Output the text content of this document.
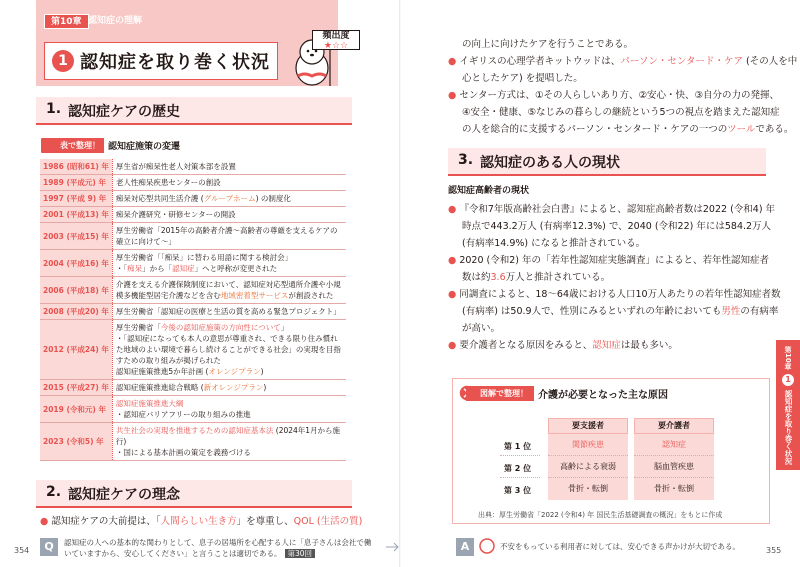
第10章 認知症の理解
1 認知症を取り巻く状況
頻出度
★☆☆
1. 認知症ケアの歴史
表で整理！ 認知症施策の変遷
1986 (昭和61) 年	厚生省が痴呆性老人対策本部を設置
1989 (平成元) 年	老人性痴呆疾患センターの創設
1997 (平成 9) 年	痴呆対応型共同生活介護 (グループホーム) の制度化
2001 (平成13) 年	痴呆介護研究・研修センターの開設
2003 (平成15) 年	厚生労働省「2015年の高齢者介護～高齢者の尊厳を支えるケアの確立に向けて～」
2004 (平成16) 年	厚生労働省「「痴呆」に替わる用語に関する検討会」
・「痴呆」から「認知症」へと呼称が変更された

2006 (平成18) 年	介護を支える介護保険制度において、認知症対応型通所介護や小規模多機能型居宅介護などを含む地域密着型サービスが創設された
2008 (平成20) 年	厚生労働省「認知症の医療と生活の質を高める緊急プロジェクト」
2012 (平成24) 年	厚生労働省「今後の認知症施策の方向性について」
・「認知症になっても本人の意思が尊重され、できる限り住み慣れた地域のよい環境で暮らし続けることができる社会」の実現を目指すための取り組みが掲げられた
認知症施策推進5か年計画 (オレンジプラン)

2015 (平成27) 年	認知症施策推進総合戦略 (新オレンジプラン)
2019 (令和元) 年	認知症施策推進大綱
・認知症バリアフリーの取り組みの推進

2023 (令和5) 年	共生社会の実現を推進するための認知症基本法 (2024年1月から施行)
・国による基本計画の策定を義務づける
2. 認知症ケアの理念
● 認知症ケアの大前提は、「人間らしい生き方」を尊重し、QOL (生活の質)
354	Q	認知症の人への基本的な関わりとして、息子の居場所を心配する人に「息子さんは会社で働
いていますから、安心してください」と言うことは適切である。 第30回
の向上に向けたケアを行うことである。
● イギリスの心理学者キットウッドは、パーソン・センタード・ケア (その人を中
心としたケア) を提唱した。
● センター方式は、①その人らしいあり方、②安心・快、③自分の力の発揮、
④安全・健康、⑤なじみの暮らしの継続という5つの視点を踏まえた認知症
の人を総合的に支援するパーソン・センタード・ケアの一つのツールである。
3. 認知症のある人の現状
認知症高齢者の現状
● 『令和7年版高齢社会白書』によると、認知症高齢者数は2022 (令和4) 年
時点で443.2万人 (有病率12.3%) で、2040 (令和22) 年には584.2万人
(有病率14.9%) になると推計されている。
● 2020 (令和2) 年の「若年性認知症実態調査」によると、若年性認知症者
数は約3.6万人と推計されている。
● 同調査によると、18～64歳における人口10万人あたりの若年性認知症者数
(有病率) は50.9人で、性別にみるといずれの年齢においても男性の有病率
が高い。
● 要介護者となる原因をみると、認知症は最も多い。
図解で整理！	介護が必要となった主な原因
要支援者	要介護者
第 1 位	関節疾患	認知症
第 2 位	高齢による衰弱	脳血管疾患
第 3 位	骨折・転倒	骨折・転倒
出典：厚生労働省「2022 (令和4) 年 国民生活基礎調査の概況」をもとに作成
第10章
1
認知症を取り巻く状況
A	不安をもっている利用者に対しては、安心できる声かけが大切である。	355
